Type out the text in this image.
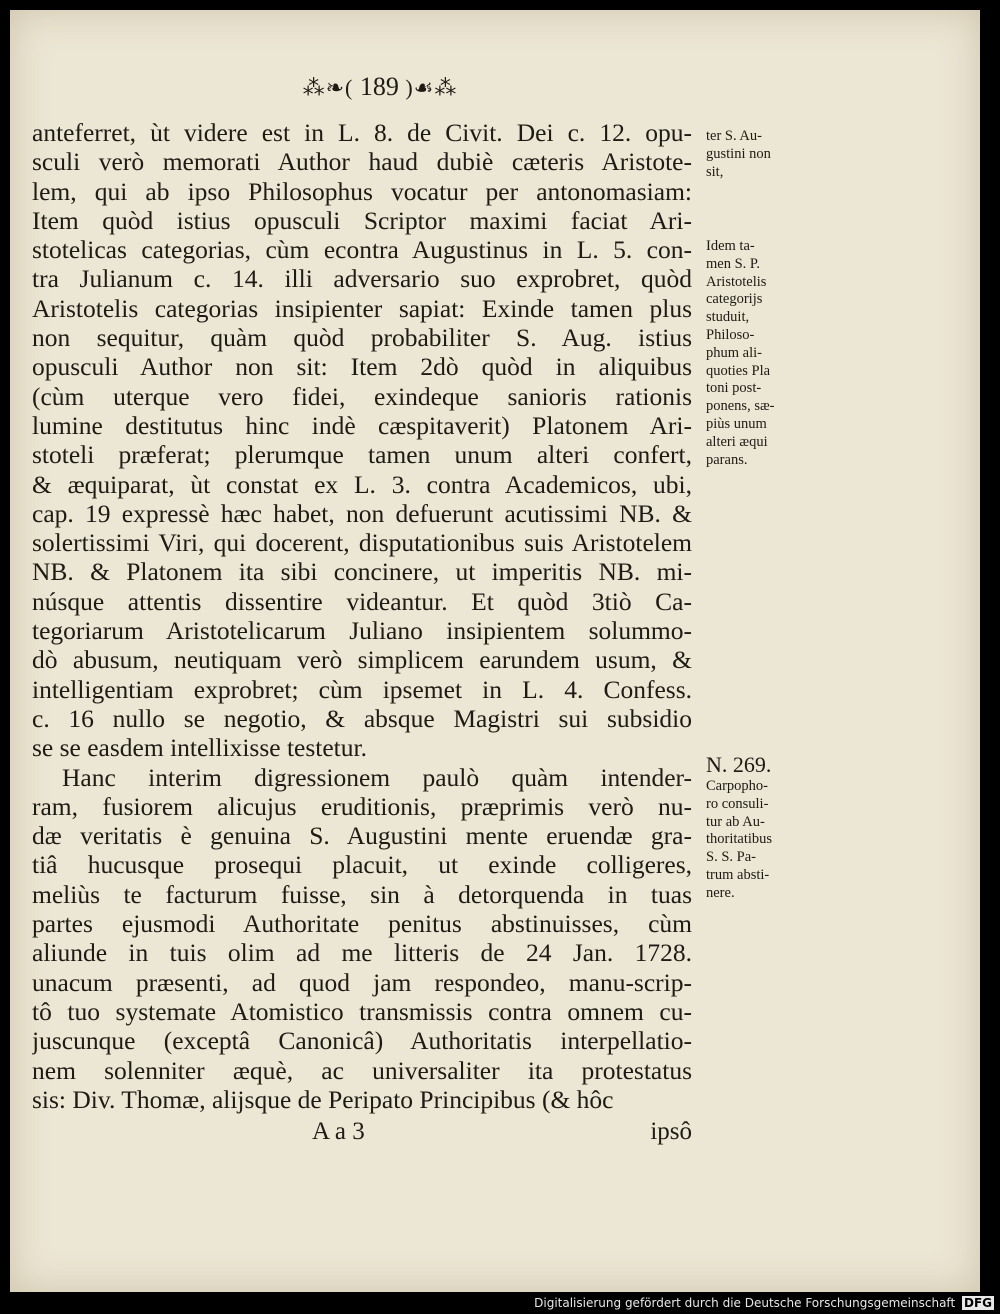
⁂❧( 189 )☙⁂
anteferret, ùt videre est in L. 8. de Civit. Dei c. 12. opu-
sculi verò memorati Author haud dubiè cæteris Aristote-
lem, qui ab ipso Philosophus vocatur per antonomasiam:
Item quòd istius opusculi Scriptor maximi faciat Ari-
stotelicas categorias, cùm econtra Augustinus in L. 5. con-
tra Julianum c. 14. illi adversario suo exprobret, quòd
Aristotelis categorias insipienter sapiat: Exinde tamen plus
non sequitur, quàm quòd probabiliter S. Aug. istius
opusculi Author non sit: Item 2dò quòd in aliquibus
(cùm uterque vero fidei, exindeque sanioris rationis
lumine destitutus hinc indè cæspitaverit) Platonem Ari-
stoteli præferat; plerumque tamen unum alteri confert,
& æquiparat, ùt constat ex L. 3. contra Academicos, ubi,
cap. 19 expressè hæc habet, non defuerunt acutissimi NB. &
solertissimi Viri, qui docerent, disputationibus suis Aristotelem
NB. & Platonem ita sibi concinere, ut imperitis NB. mi-
núsque attentis dissentire videantur. Et quòd 3tiò Ca-
tegoriarum Aristotelicarum Juliano insipientem solummo-
dò abusum, neutiquam verò simplicem earundem usum, &
intelligentiam exprobret; cùm ipsemet in L. 4. Confess.
c. 16 nullo se negotio, & absque Magistri sui subsidio
se se easdem intellixisse testetur.
Hanc interim digressionem paulò quàm intender-
ram, fusiorem alicujus eruditionis, præprimis verò nu-
dæ veritatis è genuina S. Augustini mente eruendæ gra-
tiâ hucusque prosequi placuit, ut exinde colligeres,
meliùs te facturum fuisse, sin à detorquenda in tuas
partes ejusmodi Authoritate penitus abstinuisses, cùm
aliunde in tuis olim ad me litteris de 24 Jan. 1728.
unacum præsenti, ad quod jam respondeo, manu-scrip-
tô tuo systemate Atomistico transmissis contra omnem cu-
juscunque (exceptâ Canonicâ) Authoritatis interpellatio-
nem solenniter æquè, ac universaliter ita protestatus
sis: Div. Thomæ, alijsque de Peripato Principibus (& hôc
ter S. Au-
gustini non
sit,
Idem ta-
men S. P.
Aristotelis
categorijs
studuit,
Philoso-
phum ali-
quoties Pla
toni post-
ponens, sæ-
piùs unum
alteri æqui
parans.
N. 269.
Carpopho-
ro consuli-
tur ab Au-
thoritatibus
S. S. Pa-
trum absti-
nere.
A a 3	ipsô
Digitalisierung gefördert durch die Deutsche Forschungsgemeinschaft DFG
